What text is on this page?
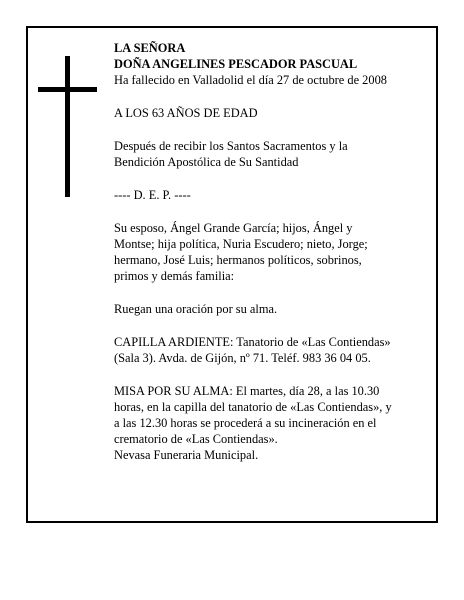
LA SEÑORA
DOÑA ANGELINES PESCADOR PASCUAL
Ha fallecido en Valladolid el día 27 de octubre de 2008

A LOS 63 AÑOS DE EDAD

Después de recibir los Santos Sacramentos y la
Bendición Apostólica de Su Santidad

---- D. E. P. ----

Su esposo, Ángel Grande García; hijos, Ángel y
Montse; hija política, Nuria Escudero; nieto, Jorge;
hermano, José Luis; hermanos políticos, sobrinos,
primos y demás familia:

Ruegan una oración por su alma.

CAPILLA ARDIENTE: Tanatorio de «Las Contiendas»
(Sala 3). Avda. de Gijón, nº 71. Teléf. 983 36 04 05.

MISA POR SU ALMA: El martes, día 28, a las 10.30
horas, en la capilla del tanatorio de «Las Contiendas», y
a las 12.30 horas se procederá a su incineración en el
crematorio de «Las Contiendas».
Nevasa Funeraria Municipal.
